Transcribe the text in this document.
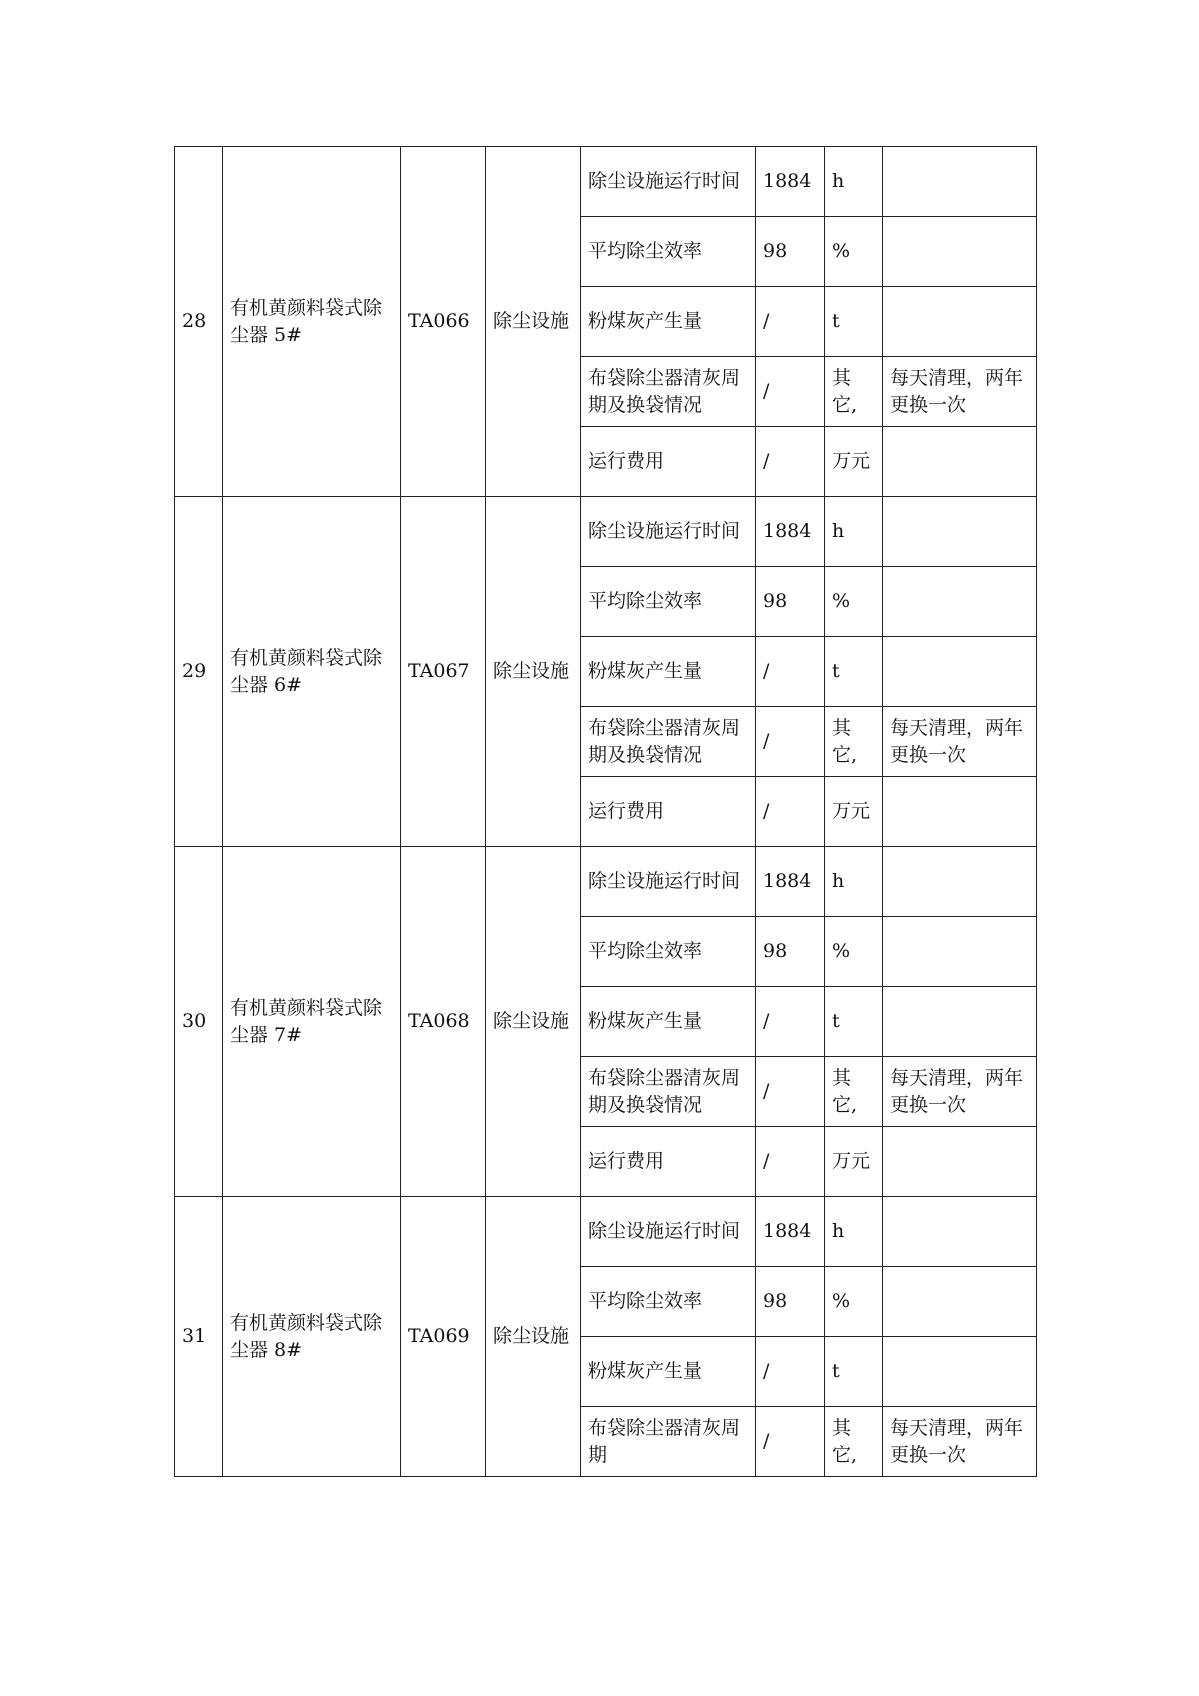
28	有机黄颜料袋式除尘器 5#	TA066	除尘设施	除尘设施运行时间	1884	h	
				平均除尘效率	98	%	
				粉煤灰产生量	/	t	
				布袋除尘器清灰周期及换袋情况	/	其它,	每天清理，两年更换一次
				运行费用	/	万元	
29	有机黄颜料袋式除尘器 6#	TA067	除尘设施	除尘设施运行时间	1884	h	
				平均除尘效率	98	%	
				粉煤灰产生量	/	t	
				布袋除尘器清灰周期及换袋情况	/	其它,	每天清理，两年更换一次
				运行费用	/	万元	
30	有机黄颜料袋式除尘器 7#	TA068	除尘设施	除尘设施运行时间	1884	h	
				平均除尘效率	98	%	
				粉煤灰产生量	/	t	
				布袋除尘器清灰周期及换袋情况	/	其它,	每天清理，两年更换一次
				运行费用	/	万元	
31	有机黄颜料袋式除尘器 8#	TA069	除尘设施	除尘设施运行时间	1884	h	
				平均除尘效率	98	%	
				粉煤灰产生量	/	t	
				布袋除尘器清灰周期	/	其它,	每天清理，两年更换一次
